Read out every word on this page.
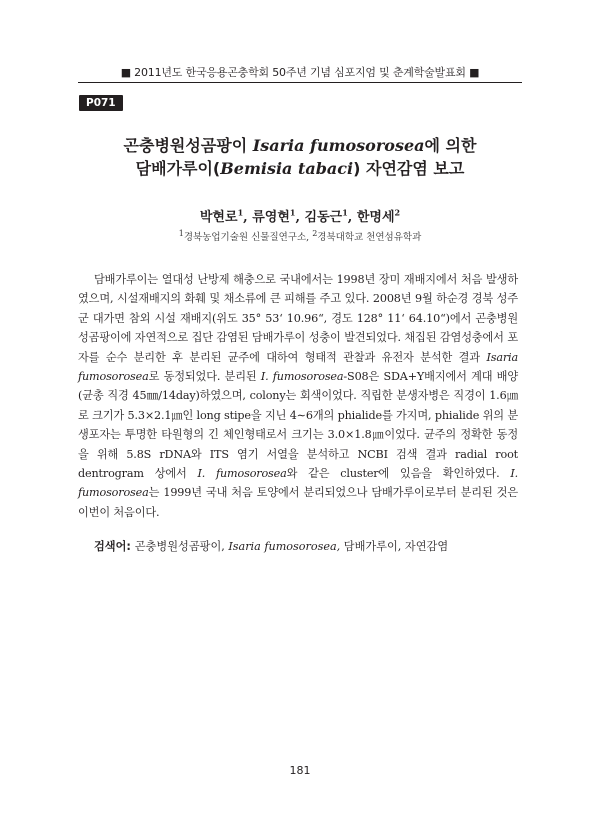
■ 2011년도 한국응용곤충학회 50주년 기념 심포지엄 및 춘계학술발표회 ■
P071
곤충병원성곰팡이 Isaria fumosorosea에 의한
담배가루이(Bemisia tabaci) 자연감염 보고
박현로$^1$, 류영현$^1$, 김동근$^1$, 한명세$^2$
$^1$경북농업기술원 신물질연구소, $^2$경북대학교 천연섬유학과

담배가루이는 열대성 난방제 해충으로 국내에서는 1998년 장미 재배지에서 처음 발생하였으며, 시설재배지의 화훼 및 채소류에 큰 피해를 주고 있다. 2008년 9월 하순경 경북 성주군 대가면 참외 시설 재배지(위도 35° 53‘ 10.96“, 경도 128° 11‘ 64.10“)에서 곤충병원성곰팡이에 자연적으로 집단 감염된 담배가루이 성충이 발견되었다. 채집된 감염성충에서 포자를 순수 분리한 후 분리된 균주에 대하여 형태적 관찰과 유전자 분석한 결과 Isaria fumosorosea로 동정되었다. 분리된 I. fumosorosea-S08은 SDA+Y배지에서 계대 배양(균총 직경 45㎜/14day)하였으며, colony는 회색이었다. 직립한 분생자병은 직경이 1.6㎛로 크기가 5.3×2.1㎛인 long stipe을 지닌 4∼6개의 phialide를 가지며, phialide 위의 분생포자는 투명한 타원형의 긴 체인형태로서 크기는 3.0×1.8㎛이었다. 균주의 정확한 동정을 위해 5.8S rDNA와 ITS 염기 서열을 분석하고 NCBI 검색 결과 radial root dentrogram 상에서 I. fumosorosea와 같은 cluster에 있음을 확인하였다. I. fumosorosea는 1999년 국내 처음 토양에서 분리되었으나 담배가루이로부터 분리된 것은 이번이 처음이다.

검색어: 곤충병원성곰팡이, Isaria fumosorosea, 담배가루이, 자연감염
181
